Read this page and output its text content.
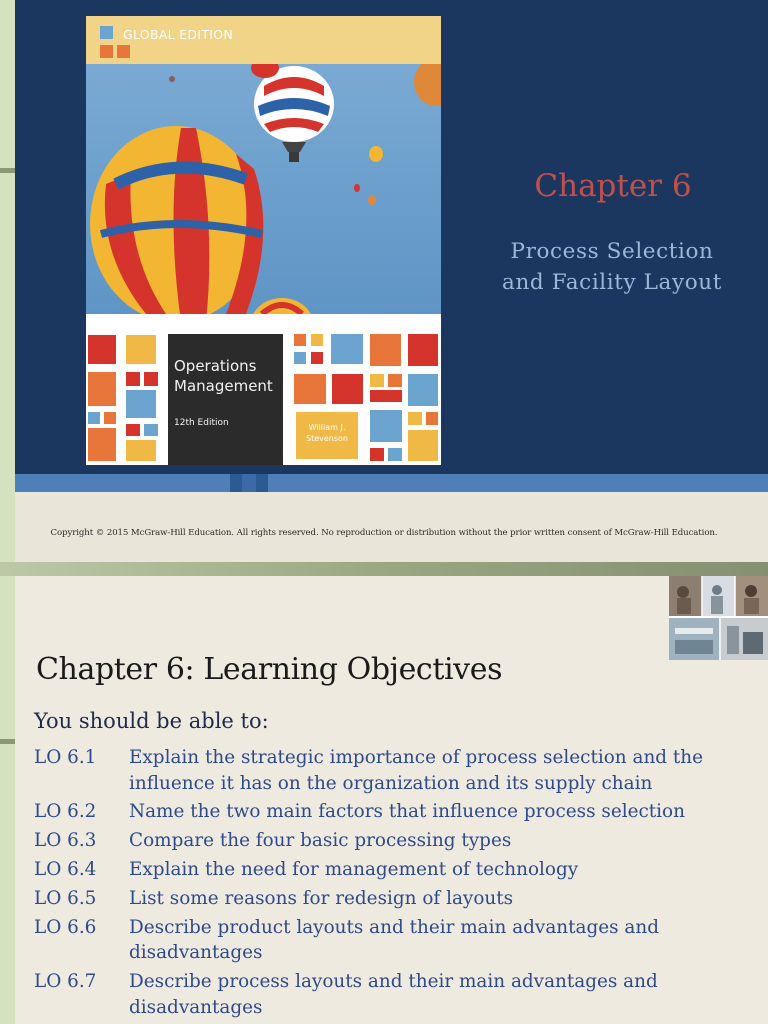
GLOBAL EDITION
Operations Management
12th Edition	William J. Stevenson
Chapter 6
Process Selection
and Facility Layout
Copyright © 2015 McGraw-Hill Education. All rights reserved. No reproduction or distribution without the prior written consent of McGraw-Hill Education.
Chapter 6: Learning Objectives
You should be able to:
LO 6.1	Explain the strategic importance of process selection and the influence it has on the organization and its supply chain
LO 6.2	Name the two main factors that influence process selection
LO 6.3	Compare the four basic processing types
LO 6.4	Explain the need for management of technology
LO 6.5	List some reasons for redesign of layouts
LO 6.6	Describe product layouts and their main advantages and disadvantages
LO 6.7	Describe process layouts and their main advantages and disadvantages
